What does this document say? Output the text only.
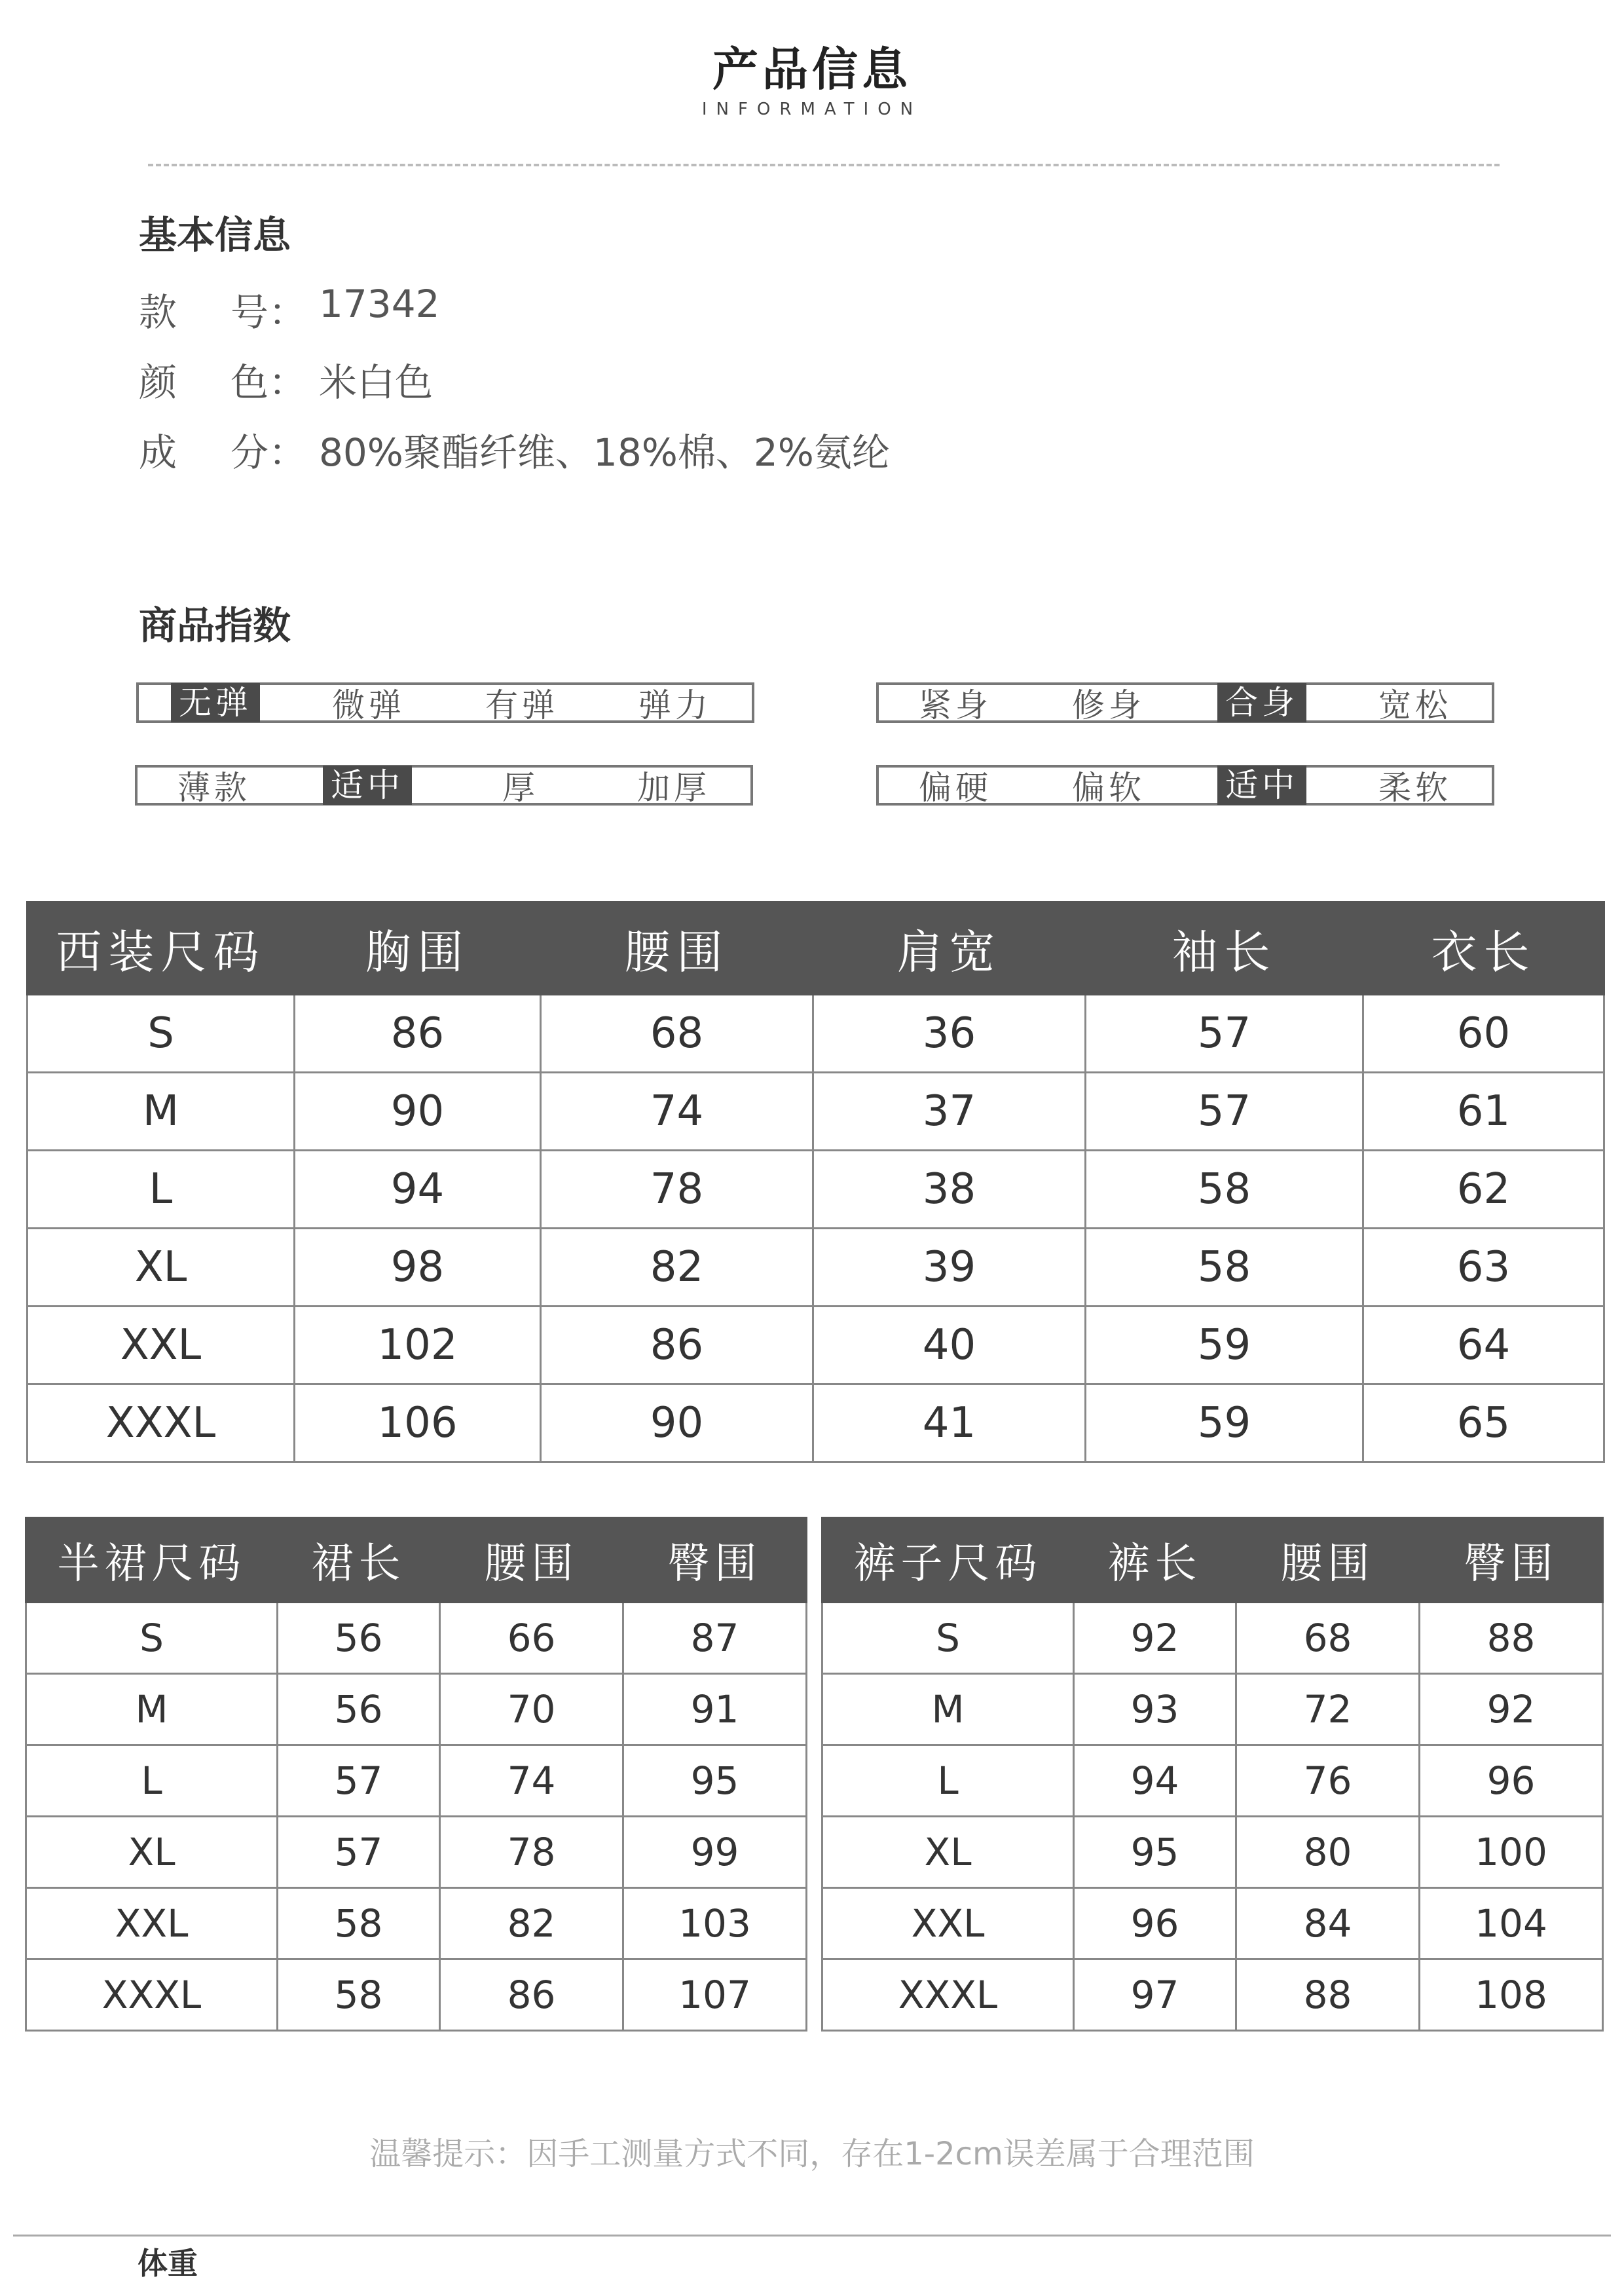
产品信息
INFORMATION
基本信息
款 号： 17342
颜 色： 米白色
成 分： 80%聚酯纤维、18%棉、2%氨纶
商品指数
无弹 微弹 有弹 弹力	紧身 修身 合身 宽松
薄款 适中	厚	加厚	偏硬 偏软 适中 柔软
西装尺码	胸围	腰围	肩宽	袖长	衣长
S	86	68	36	57	60
M	90	74	37	57	61
L	94	78	38	58	62
XL	98	82	39	58	63
XXL	102	86	40	59	64
XXXL	106	90	41	59	65
半裙尺码	裙长	腰围	臀围
S	56	66	87
M	56	70	91
L	57	74	95
XL	57	78	99
XXL	58	82	103
XXXL	58	86	107
裤子尺码	裤长	腰围	臀围
S	92	68	88
M	93	72	92
L	94	76	96
XL	95	80	100
XXL	96	84	104
XXXL	97	88	108
温馨提示：因手工测量方式不同，存在1-2cm误差属于合理范围
体重
